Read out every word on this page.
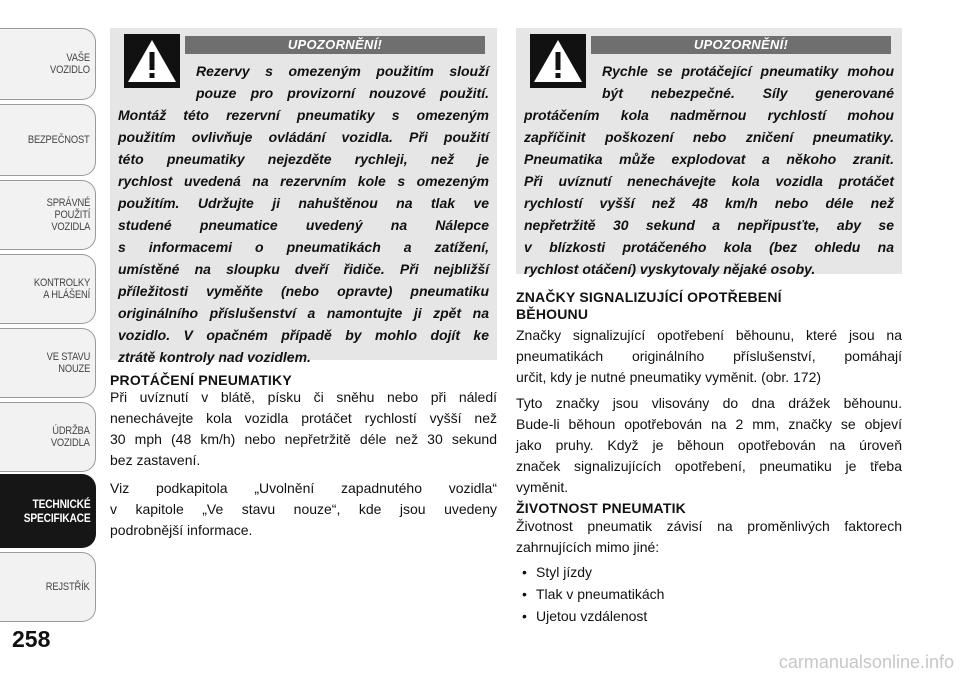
VAŠE
VOZIDLO
BEZPEČNOST
SPRÁVNÉ
POUŽITÍ
VOZIDLA
KONTROLKY
A HLÁŠENÍ
VE STAVU
NOUZE
ÚDRŽBA
VOZIDLA
TECHNICKÉ
SPECIFIKACE
REJSTŘÍK
258
UPOZORNĚNÍ!
Rezervy s omezeným použitím slouží
pouze pro provizorní nouzové použití.
Montáž této rezervní pneumatiky s omezeným
použitím ovlivňuje ovládání vozidla. Při použití
této pneumatiky nejezděte rychleji, než je
rychlost uvedená na rezervním kole s omezeným
použitím. Udržujte ji nahuštěnou na tlak ve
studené pneumatice uvedený na Nálepce
s informacemi o pneumatikách a zatížení,
umístěné na sloupku dveří řidiče. Při nejbližší
příležitosti vyměňte (nebo opravte) pneumatiku
originálního příslušenství a namontujte ji zpět na
vozidlo. V opačném případě by mohlo dojít ke
ztrátě kontroly nad vozidlem.
PROTÁČENÍ PNEUMATIKY
Při uvíznutí v blátě, písku či sněhu nebo při náledí
nenechávejte kola vozidla protáčet rychlostí vyšší než
30 mph (48 km/h) nebo nepřetržitě déle než 30 sekund
bez zastavení.
Viz podkapitola „Uvolnění zapadnutého vozidla“
v kapitole „Ve stavu nouze“, kde jsou uvedeny
podrobnější informace.
UPOZORNĚNÍ!
Rychle se protáčející pneumatiky mohou
být nebezpečné. Síly generované
protáčením kola nadměrnou rychlostí mohou
zapříčinit poškození nebo zničení pneumatiky.
Pneumatika může explodovat a někoho zranit.
Při uvíznutí nenechávejte kola vozidla protáčet
rychlostí vyšší než 48 km/h nebo déle než
nepřetržitě 30 sekund a nepřipusťte, aby se
v blízkosti protáčeného kola (bez ohledu na
rychlost otáčení) vyskytovaly nějaké osoby.
ZNAČKY SIGNALIZUJÍCÍ OPOTŘEBENÍ
BĚHOUNU
Značky signalizující opotřebení běhounu, které jsou na
pneumatikách originálního příslušenství, pomáhají
určit, kdy je nutné pneumatiky vyměnit. (obr. 172)
Tyto značky jsou vlisovány do dna drážek běhounu.
Bude-li běhoun opotřebován na 2 mm, značky se objeví
jako pruhy. Když je běhoun opotřebován na úroveň
značek signalizujících opotřebení, pneumatiku je třeba
vyměnit.
ŽIVOTNOST PNEUMATIK
Životnost pneumatik závisí na proměnlivých faktorech
zahrnujících mimo jiné:
• Styl jízdy
• Tlak v pneumatikách
• Ujetou vzdálenost
carmanualsonline.info
